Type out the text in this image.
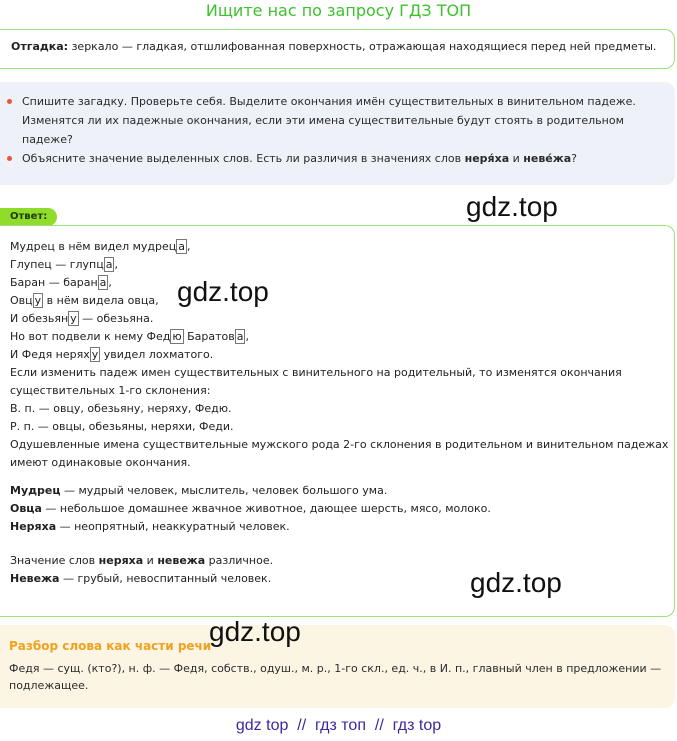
Ищите нас по запросу ГДЗ ТОП
Отгадка: зеркало — гладкая, отшлифованная поверхность, отражающая находящиеся перед ней предметы.
Спишите загадку. Проверьте себя. Выделите окончания имён существительных в винительном падеже. Изменятся ли их падежные окончания, если эти имена существительные будут стоять в родительном падеже?
Объясните значение выделенных слов. Есть ли различия в значениях слов неря́ха и неве́жа?
Ответ:
Мудрец в нём видел мудрец а ,
Глупец — глупц а ,
Баран — баран а ,
Овц у в нём видела овца,
И обезьян у — обезьяна.
Но вот подвели к нему Фед ю Баратов а ,
И Федя нерях у увидел лохматого.
Если изменить падеж имен существительных с винительного на родительный, то изменятся окончания существительных 1-го склонения:
В. п. — овцу, обезьяну, неряху, Федю.
Р. п. — овцы, обезьяны, неряхи, Феди.
Одушевленные имена существительные мужского рода 2-го склонения в родительном и винительном падежах имеют одинаковые окончания.
Мудрец — мудрый человек, мыслитель, человек большого ума.
Овца — небольшое домашнее жвачное животное, дающее шерсть, мясо, молоко.
Неряха — неопрятный, неаккуратный человек.
Значение слов неряха и невежа различное.
Невежа — грубый, невоспитанный человек.
Разбор слова как части речи
Федя — сущ. (кто?), н. ф. — Федя, собств., одуш., м. р., 1-го скл., ед. ч., в И. п., главный член в предложении — подлежащее.
gdz.top
gdz.top
gdz.top
gdz.top
gdz top  //  гдз топ  //  гдз top
